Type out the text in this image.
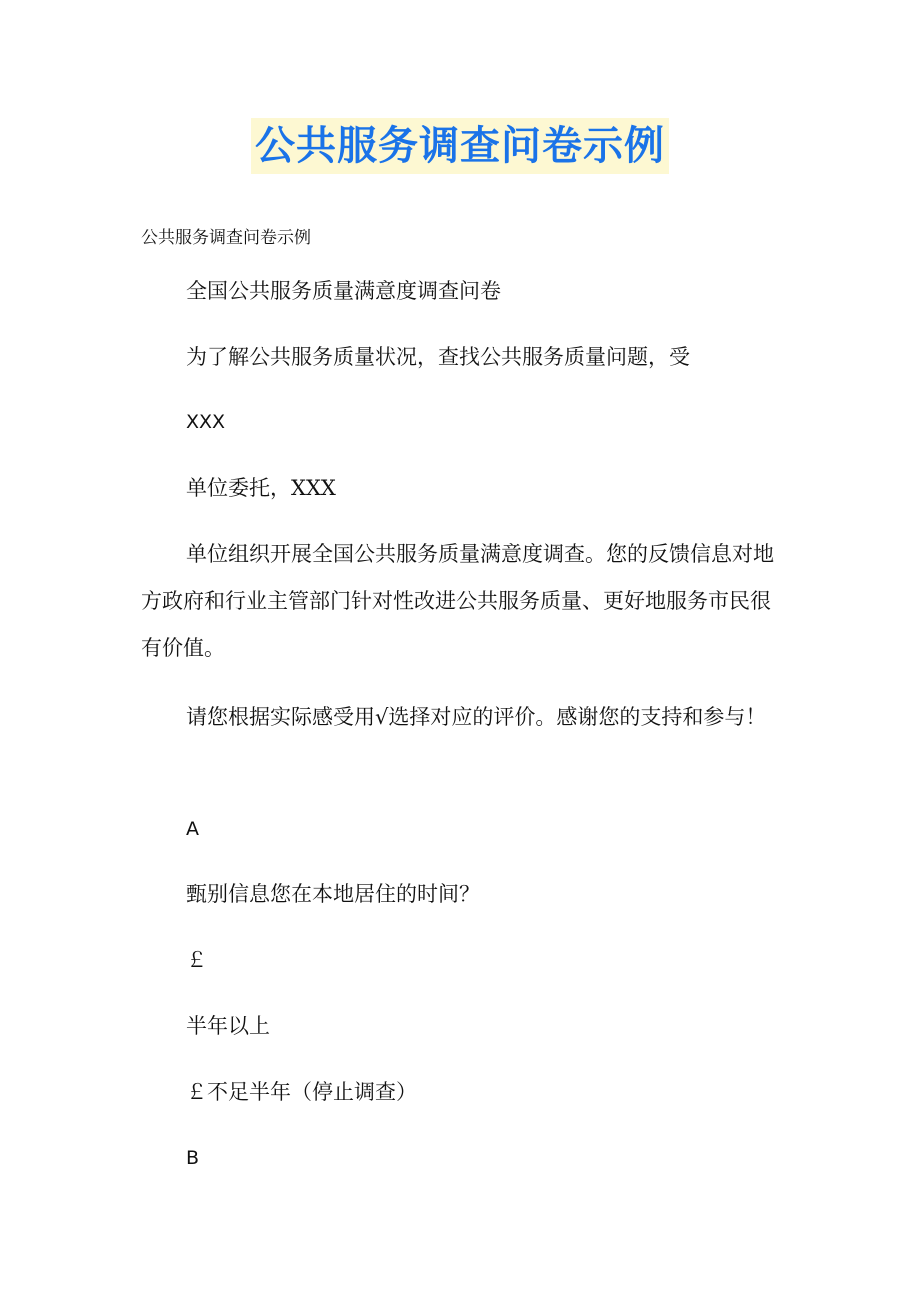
公共服务调查问卷示例
公共服务调查问卷示例

全国公共服务质量满意度调查问卷

为了解公共服务质量状况，查找公共服务质量问题，受

XXX

单位委托，XXX

单位组织开展全国公共服务质量满意度调查。您的反馈信息对地方政府和行业主管部门针对性改进公共服务质量、更好地服务市民很有价值。

请您根据实际感受用√选择对应的评价。感谢您的支持和参与！

A

甄别信息您在本地居住的时间？

￡

半年以上

￡不足半年（停止调查）

B
